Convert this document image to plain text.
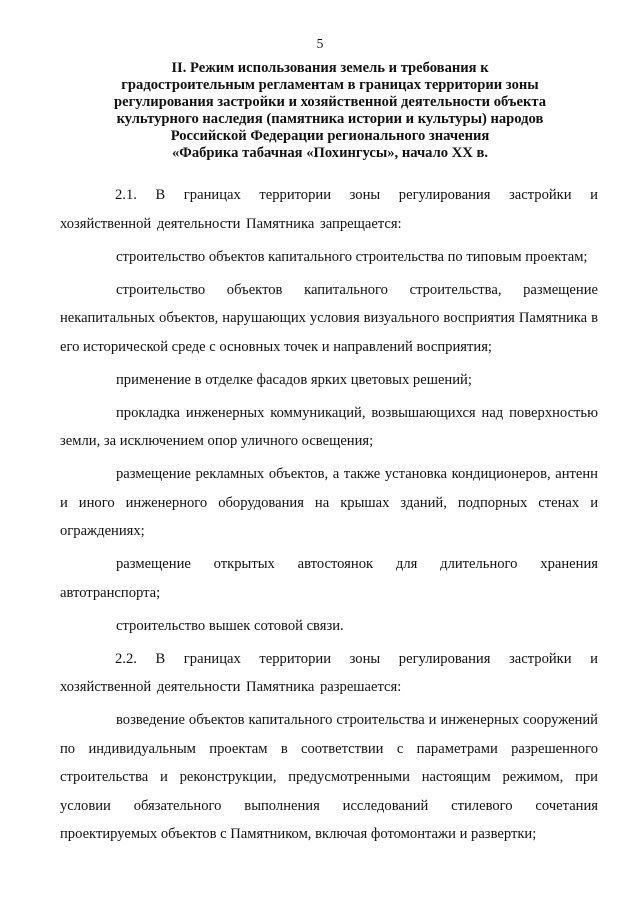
5
II. Режим использования земель и требования к
градостроительным регламентам в границах территории зоны
регулирования застройки и хозяйственной деятельности объекта
культурного наследия (памятника истории и культуры) народов
Российской Федерации регионального значения
«Фабрика табачная «Похингусы», начало XX в.

2.1. В границах территории зоны регулирования застройки и хозяйственной деятельности Памятника запрещается:

строительство объектов капитального строительства по типовым проектам;

строительство объектов капитального строительства, размещение некапитальных объектов, нарушающих условия визуального восприятия Памятника в его исторической среде с основных точек и направлений восприятия;

применение в отделке фасадов ярких цветовых решений;

прокладка инженерных коммуникаций, возвышающихся над поверхностью земли, за исключением опор уличного освещения;

размещение рекламных объектов, а также установка кондиционеров, антенн и иного инженерного оборудования на крышах зданий, подпорных стенах и ограждениях;

размещение открытых автостоянок для длительного хранения автотранспорта;

строительство вышек сотовой связи.

2.2. В границах территории зоны регулирования застройки и хозяйственной деятельности Памятника разрешается:

возведение объектов капитального строительства и инженерных сооружений по индивидуальным проектам в соответствии с параметрами разрешенного строительства и реконструкции, предусмотренными настоящим режимом, при условии обязательного выполнения исследований стилевого сочетания проектируемых объектов с Памятником, включая фотомонтажи и развертки;
